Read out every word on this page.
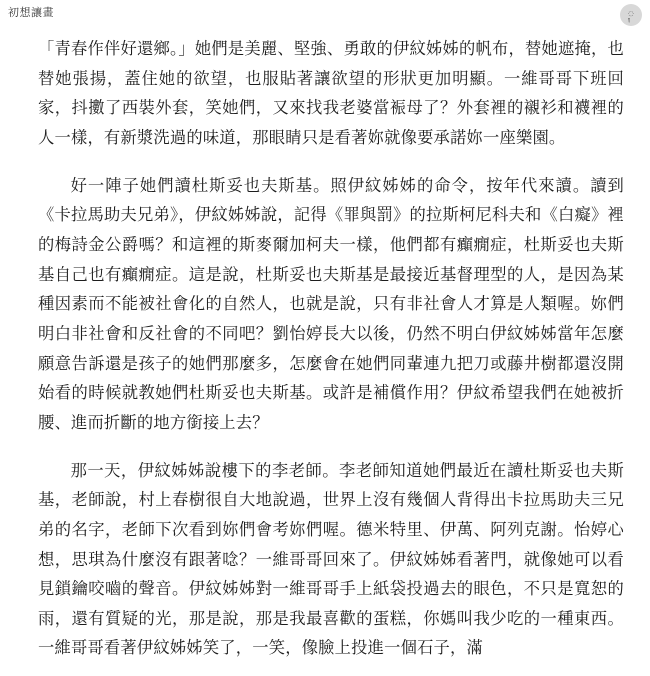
初想讓畫	༙

「青春作伴好還鄉。」她們是美麗、堅強、勇敢的伊紋姊姊的帆布，替她遮掩，也替她張揚，蓋住她的欲望，也服貼著讓欲望的形狀更加明顯。一維哥哥下班回家，抖擻了西裝外套，笑她們，又來找我老婆當裖母了？外套裡的襯衫和襪裡的人一樣，有新漿洗過的味道，那眼睛只是看著妳就像要承諾妳一座樂園。

好一陣子她們讀杜斯妥也夫斯基。照伊紋姊姊的命令，按年代來讀。讀到《卡拉馬助夫兄弟》，伊紋姊姊說，記得《罪與罰》的拉斯柯尼科夫和《白癡》裡的梅詩金公爵嗎？和這裡的斯麥爾加柯夫一樣，他們都有癲癇症，杜斯妥也夫斯基自己也有癲癇症。這是說，杜斯妥也夫斯基是最接近基督理型的人，是因為某種因素而不能被社會化的自然人，也就是說，只有非社會人才算是人類喔。妳們明白非社會和反社會的不同吧？劉怡婷長大以後，仍然不明白伊紋姊姊當年怎麼願意告訴還是孩子的她們那麼多，怎麼會在她們同輩連九把刀或藤井樹都還沒開始看的時候就教她們杜斯妥也夫斯基。或許是補償作用？伊紋希望我們在她被折腰、進而折斷的地方銜接上去？

那一天，伊紋姊姊說樓下的李老師。李老師知道她們最近在讀杜斯妥也夫斯基，老師說，村上春樹很自大地說過，世界上沒有幾個人背得出卡拉馬助夫三兄弟的名字，老師下次看到妳們會考妳們喔。德米特里、伊萬、阿列克謝。怡婷心想，思琪為什麼沒有跟著唸？一維哥哥回來了。伊紋姊姊看著門，就像她可以看見鎖鑰咬嚙的聲音。伊紋姊姊對一維哥哥手上紙袋投過去的眼色，不只是寬恕的雨，還有質疑的光，那是說，那是我最喜歡的蛋糕，你媽叫我少吃的一種東西。一維哥哥看著伊紋姊姊笑了，一笑，像臉上投進一個石子，滿
